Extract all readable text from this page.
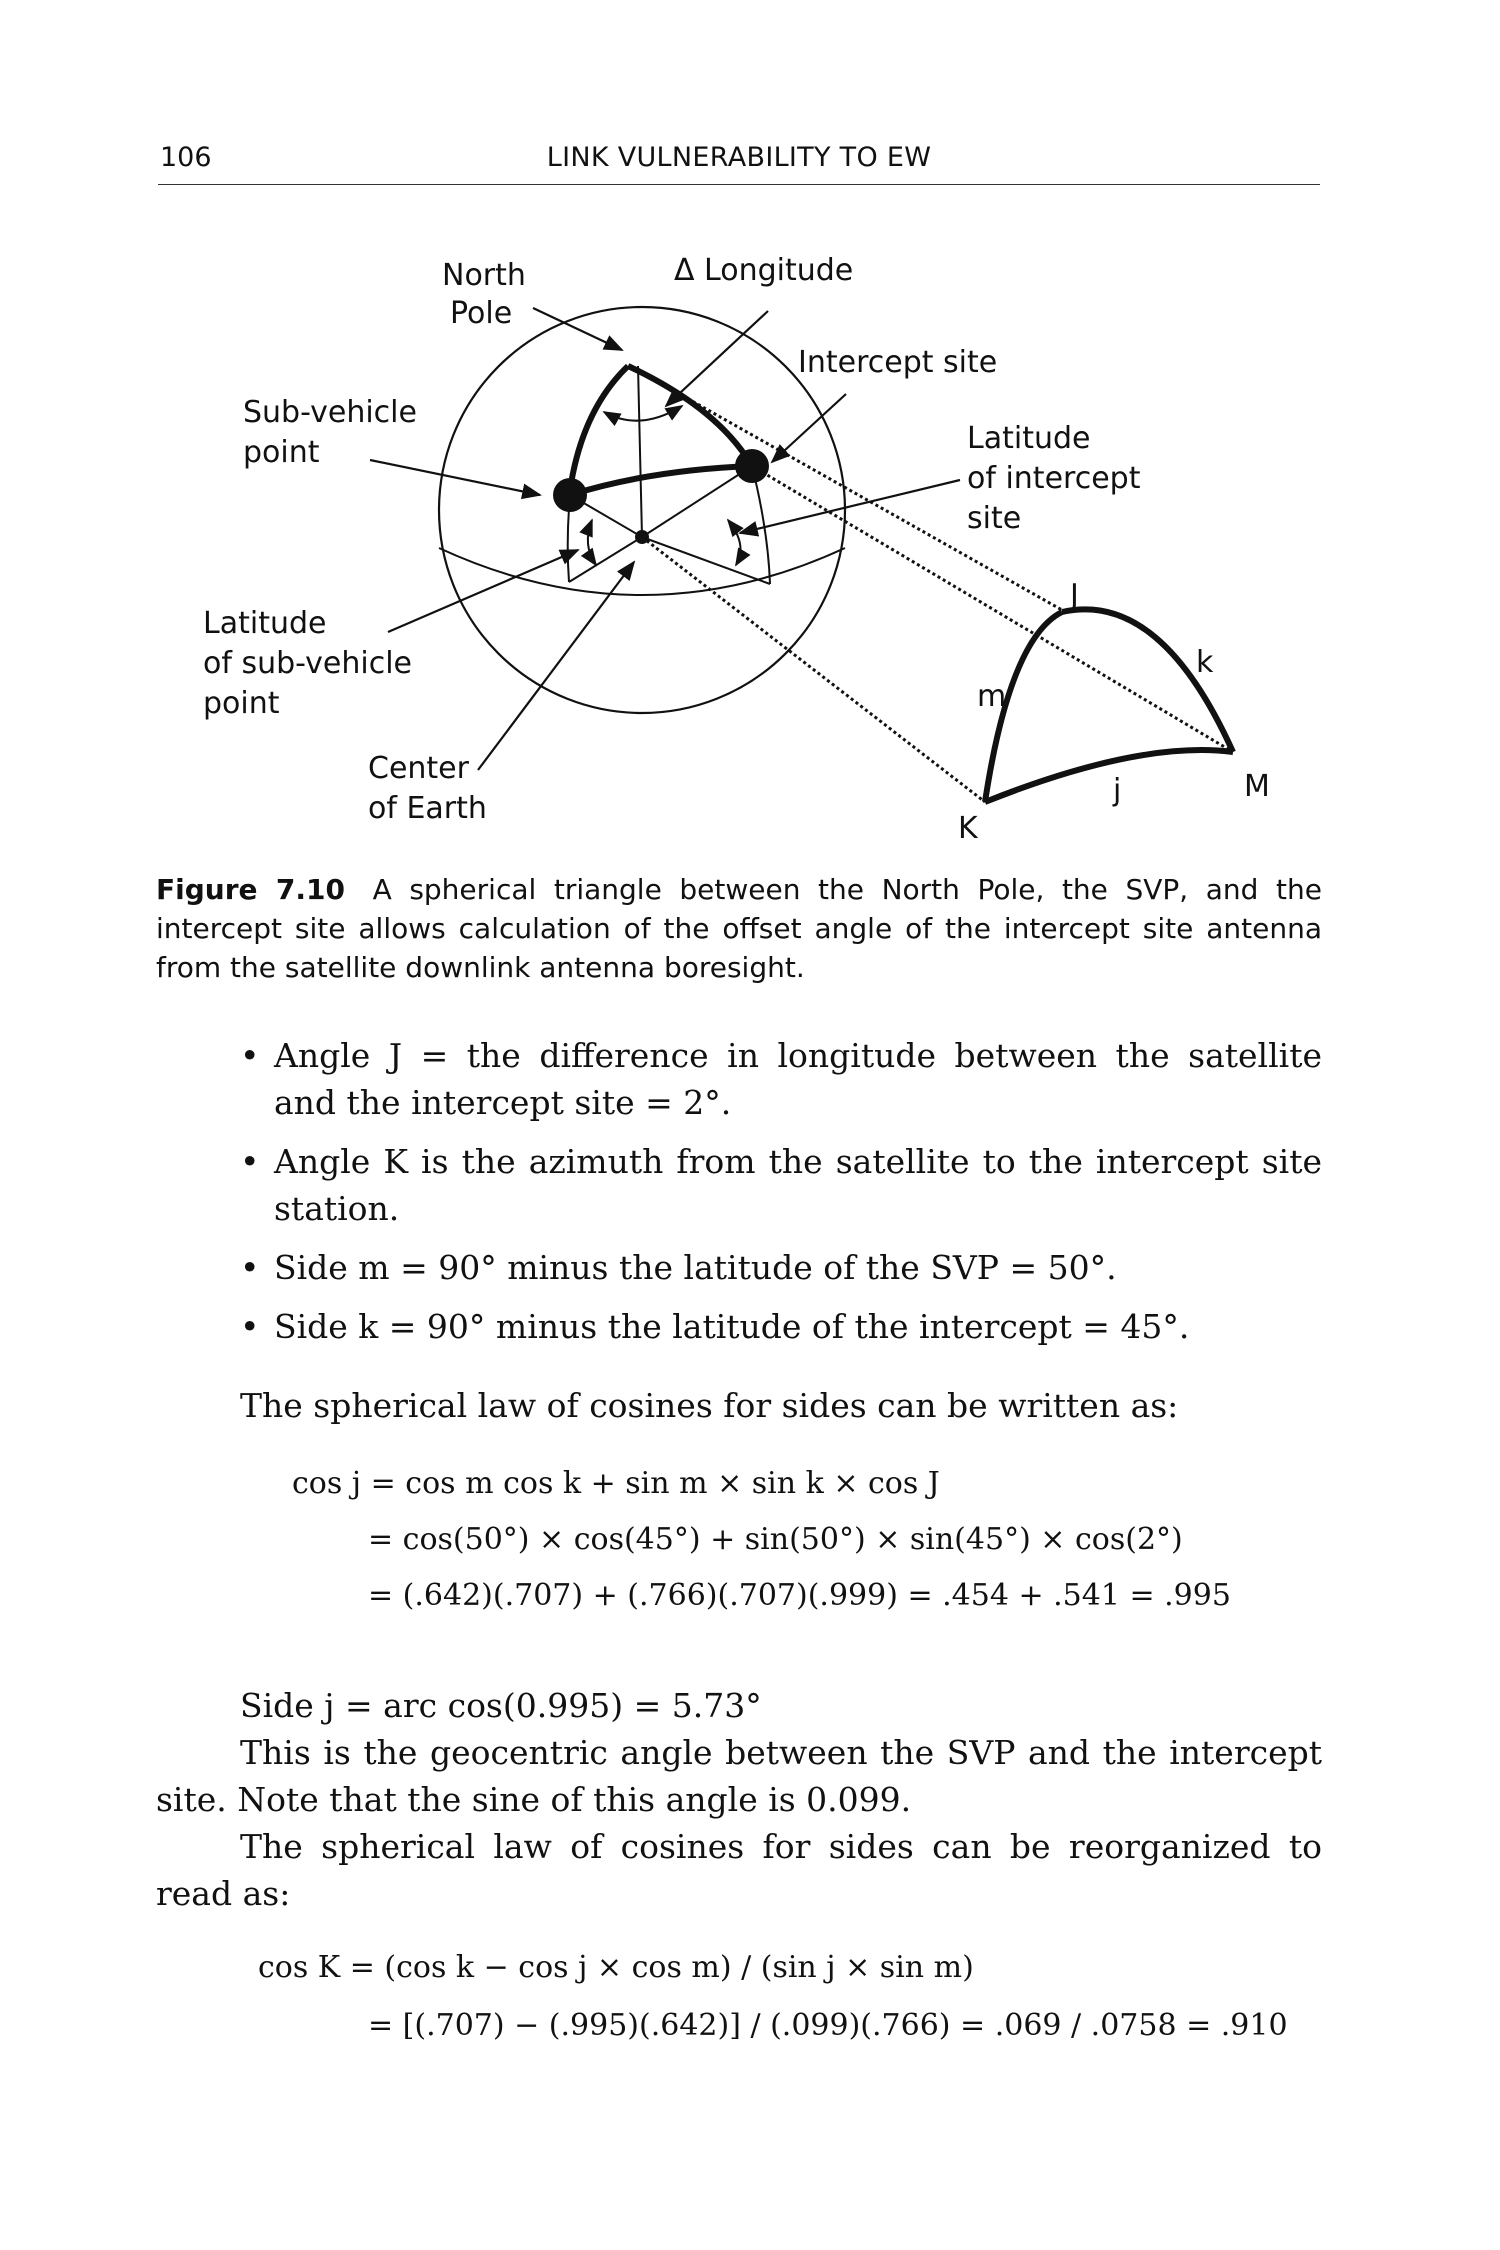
106	LINK VULNERABILITY TO EW
North
Pole
Δ Longitude
Intercept site
Sub-vehicle
point	Latitude
of intercept
site
Latitude
of sub-vehicle
point
Center
of Earth
J
k
m
j	M
K
Figure 7.10 A spherical triangle between the North Pole, the SVP, and the intercept site allows calculation of the offset angle of the intercept site antenna from the satellite downlink antenna boresight.
• Angle J = the difference in longitude between the satellite and the intercept site = 2°.
• Angle K is the azimuth from the satellite to the intercept site station.
• Side m = 90° minus the latitude of the SVP = 50°.
• Side k = 90° minus the latitude of the intercept = 45°.

The spherical law of cosines for sides can be written as:

cos j = cos m cos k + sin m × sin k × cos J
= cos(50°) × cos(45°) + sin(50°) × sin(45°) × cos(2°)
= (.642)(.707) + (.766)(.707)(.999) = .454 + .541 = .995

Side j = arc cos(0.995) = 5.73°

This is the geocentric angle between the SVP and the intercept site. Note that the sine of this angle is 0.099.

The spherical law of cosines for sides can be reorganized to read as:

cos K = (cos k − cos j × cos m) / (sin j × sin m)
= [(.707) − (.995)(.642)] / (.099)(.766) = .069 / .0758 = .910
